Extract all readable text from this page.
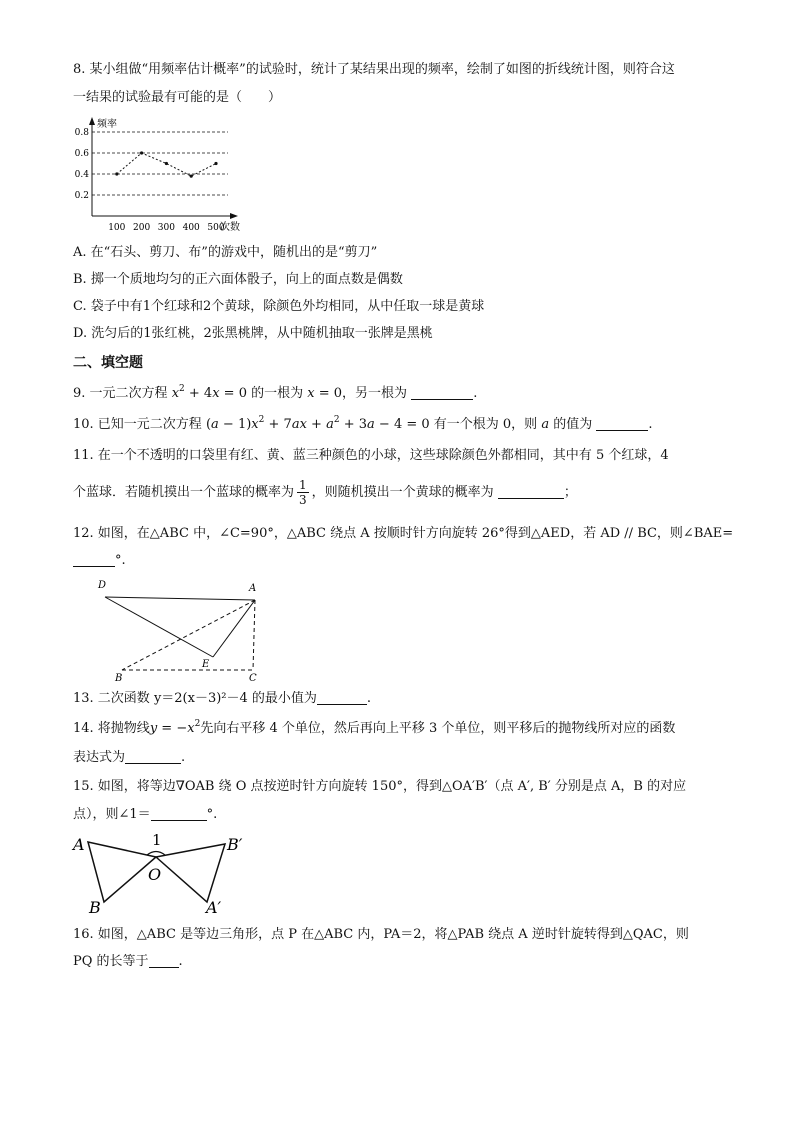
8. 某小组做“用频率估计概率”的试验时，统计了某结果出现的频率，绘制了如图的折线统计图，则符合这
一结果的试验最有可能的是（　　）
频率
次数
0.8
0.6
0.4
0.2
100 200 300 400 500
A. 在“石头、剪刀、布”的游戏中，随机出的是“剪刀”
B. 掷一个质地均匀的正六面体骰子，向上的面点数是偶数
C. 袋子中有1个红球和2个黄球，除颜色外均相同，从中任取一球是黄球
D. 洗匀后的1张红桃，2张黑桃牌，从中随机抽取一张牌是黑桃
二、填空题
9. 一元二次方程 $x^2 + 4x = 0$ 的一根为 x = 0，另一根为	.
10. 已知一元二次方程 $(a - 1)x^2 + 7ax + a^2 + 3a - 4 = 0$ 有一个根为 0，则 a 的值为	.
11. 在一个不透明的口袋里有红、黄、蓝三种颜色的小球，这些球除颜色外都相同，其中有 5 个红球，4
个蓝球．若随机摸出一个蓝球的概率为 $\frac{1}{3}$ ，则随机摸出一个黄球的概率为	；
12. 如图，在△ABC 中，∠C=90°，△ABC 绕点 A 按顺时针方向旋转 26°得到△AED，若 AD // BC，则∠BAE=
°.
D	A
E
B	C
13. 二次函数 y＝2(x－3)²－4 的最小值为	.
14. 将抛物线$y = -x^2$先向右平移 4 个单位，然后再向上平移 3 个单位，则平移后的抛物线所对应的函数
表达式为	.
15. 如图，将等边∇OAB 绕 O 点按逆时针方向旋转 150°，得到△OA′B′（点 A′, B′ 分别是点 A，B 的对应
点），则∠1＝	°.
1
A
B
O
B′
A′
16. 如图，△ABC 是等边三角形，点 P 在△ABC 内，PA＝2，将△PAB 绕点 A 逆时针旋转得到△QAC，则
PQ 的长等于 .
